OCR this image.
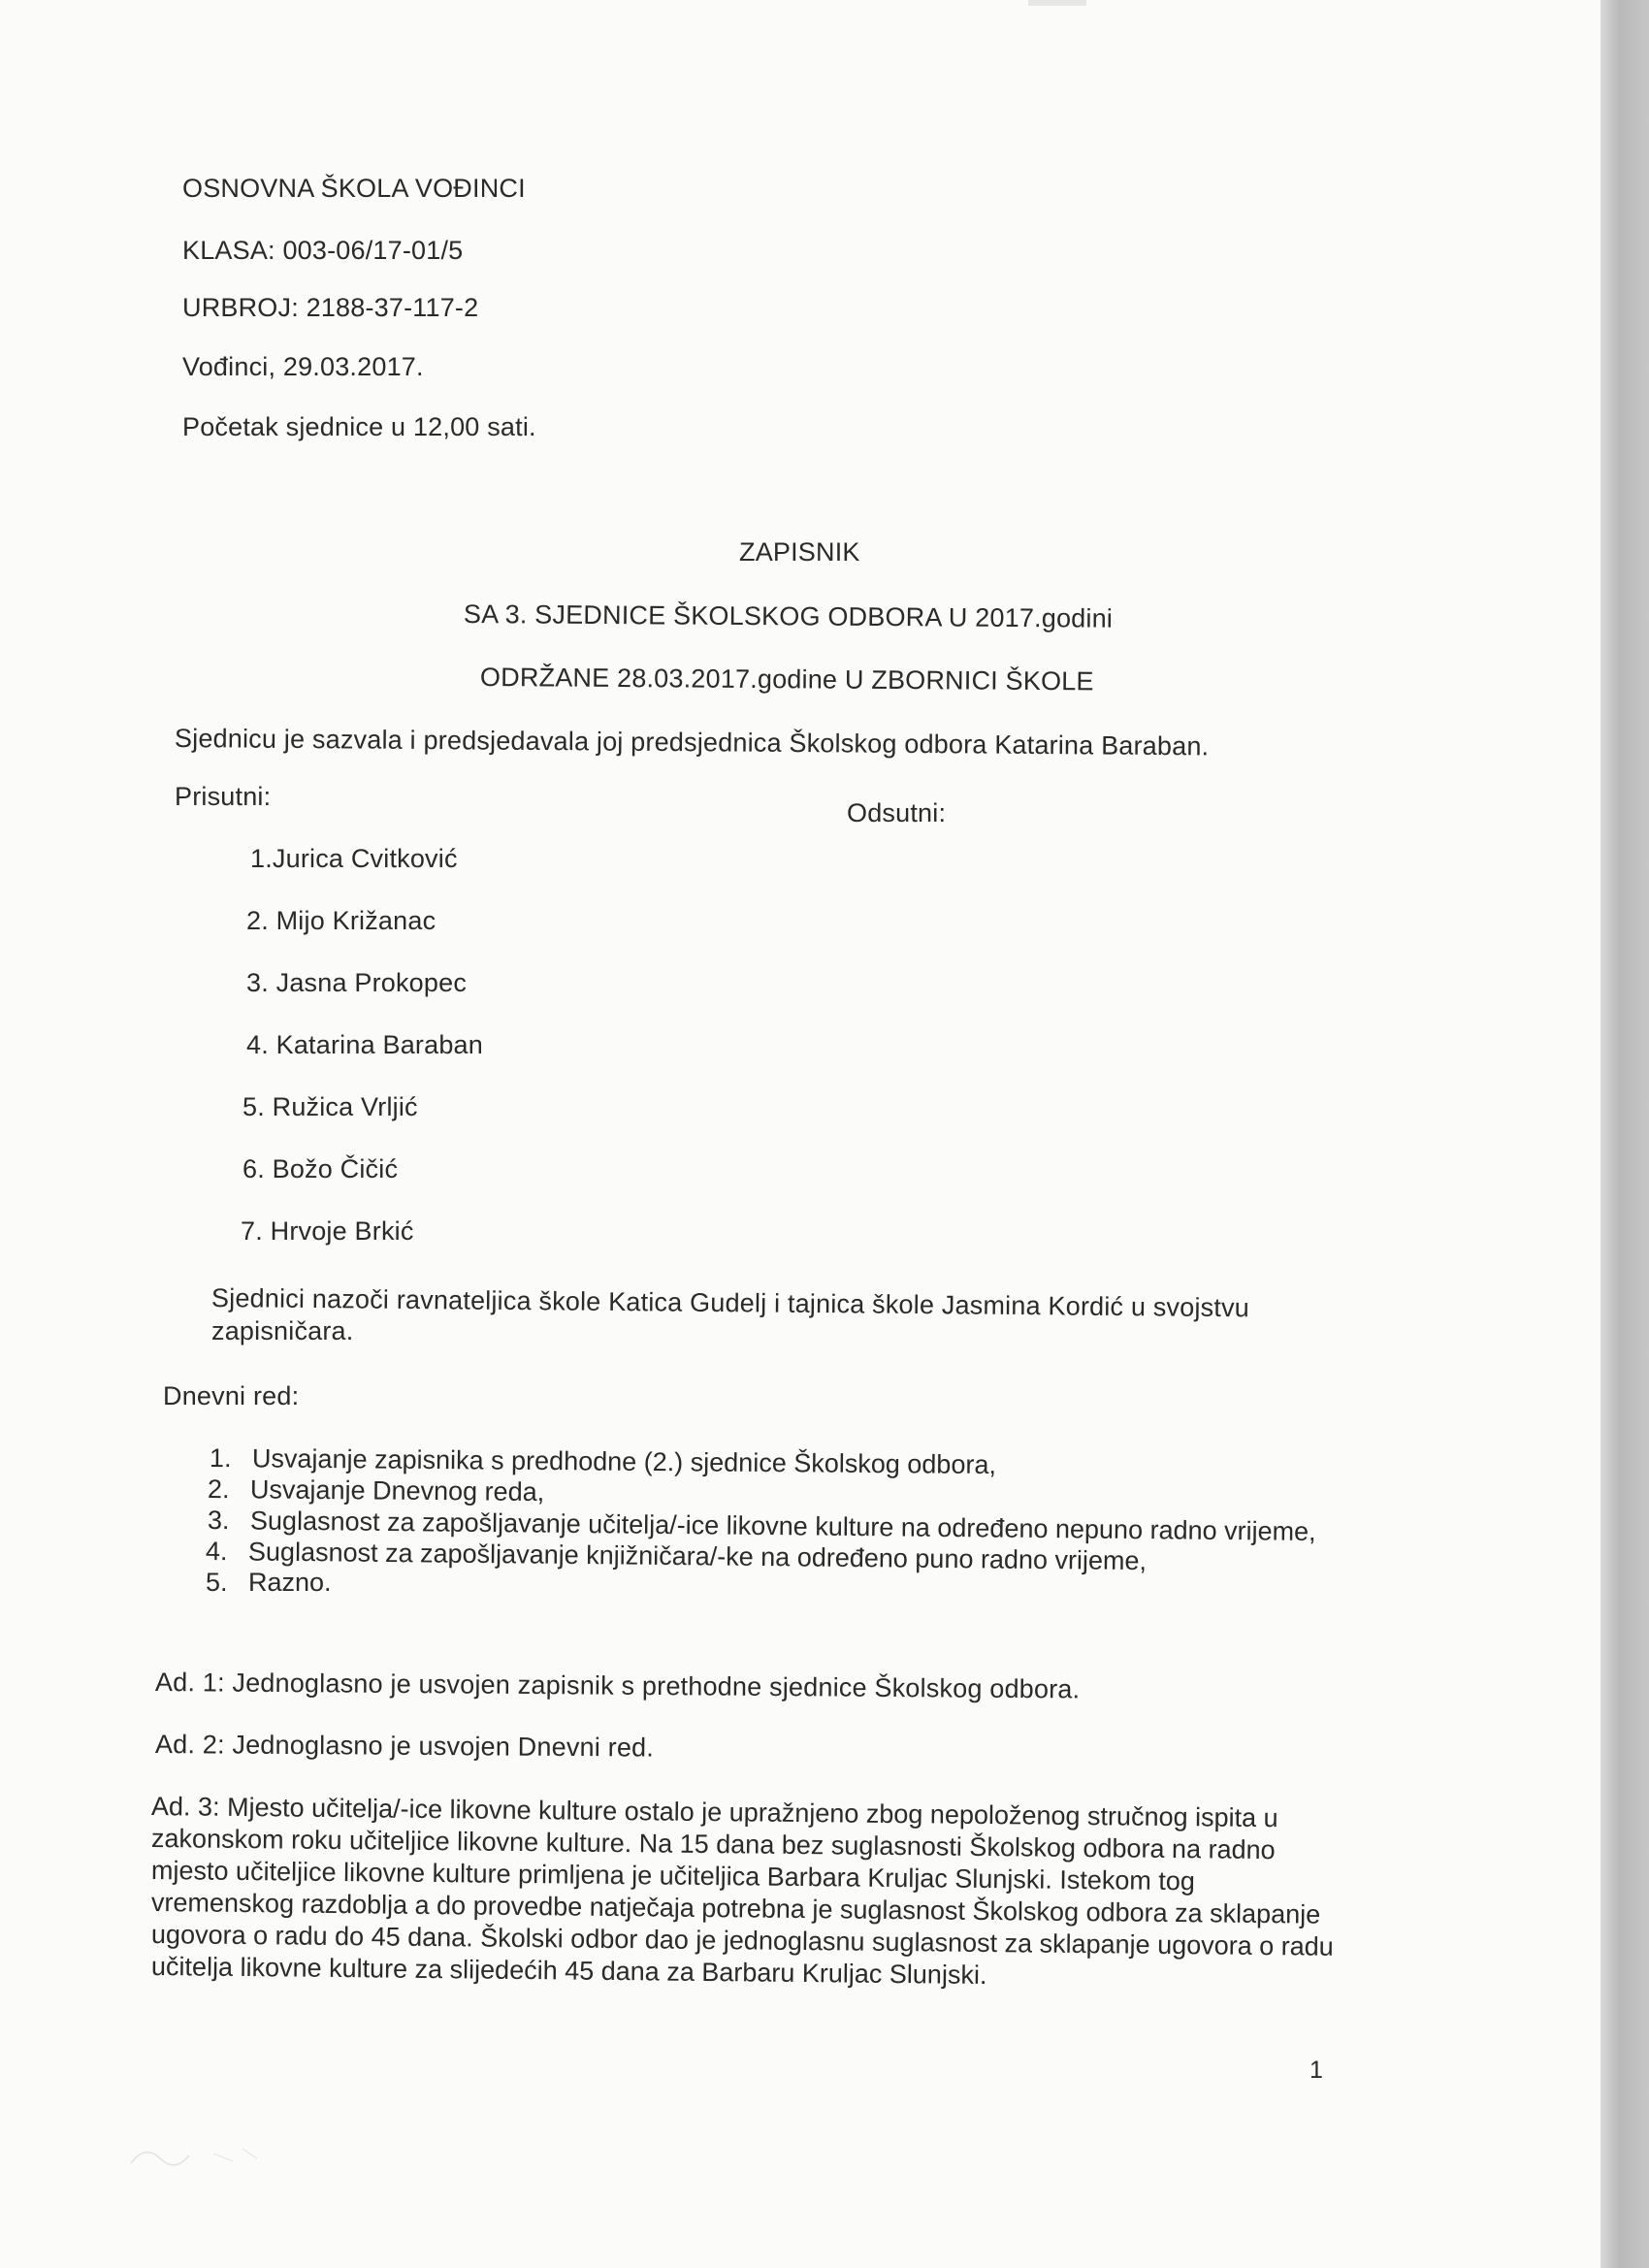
OSNOVNA ŠKOLA VOĐINCI
KLASA: 003-06/17-01/5
URBROJ: 2188-37-117-2
Vođinci, 29.03.2017.
Početak sjednice u 12,00 sati.
ZAPISNIK
SA 3. SJEDNICE ŠKOLSKOG ODBORA U 2017.godini
ODRŽANE 28.03.2017.godine U ZBORNICI ŠKOLE
Sjednicu je sazvala i predsjedavala joj predsjednica Školskog odbora Katarina Baraban.
Prisutni:
Odsutni:
1.Jurica Cvitković
2. Mijo Križanac
3. Jasna Prokopec
4. Katarina Baraban
5. Ružica Vrljić
6. Božo Čičić
7. Hrvoje Brkić
Sjednici nazoči ravnateljica škole Katica Gudelj i tajnica škole Jasmina Kordić u svojstvu
zapisničara.
Dnevni red:
1. Usvajanje zapisnika s predhodne (2.) sjednice Školskog odbora,
2. Usvajanje Dnevnog reda,
3. Suglasnost za zapošljavanje učitelja/-ice likovne kulture na određeno nepuno radno vrijeme,
4. Suglasnost za zapošljavanje knjižničara/-ke na određeno puno radno vrijeme,
5. Razno.
Ad. 1: Jednoglasno je usvojen zapisnik s prethodne sjednice Školskog odbora.
Ad. 2: Jednoglasno je usvojen Dnevni red.
Ad. 3: Mjesto učitelja/-ice likovne kulture ostalo je upražnjeno zbog nepoloženog stručnog ispita u
zakonskom roku učiteljice likovne kulture. Na 15 dana bez suglasnosti Školskog odbora na radno
mjesto učiteljice likovne kulture primljena je učiteljica Barbara Kruljac Slunjski. Istekom tog
vremenskog razdoblja a do provedbe natječaja potrebna je suglasnost Školskog odbora za sklapanje
ugovora o radu do 45 dana. Školski odbor dao je jednoglasnu suglasnost za sklapanje ugovora o radu
učitelja likovne kulture za slijedećih 45 dana za Barbaru Kruljac Slunjski.
1
